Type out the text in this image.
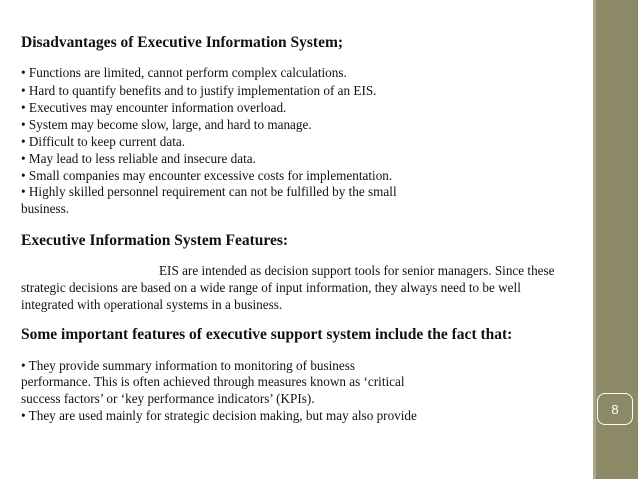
Disadvantages of Executive Information System;
• Functions are limited, cannot perform complex calculations.
• Hard to quantify benefits and to justify implementation of an EIS.
• Executives may encounter information overload.
• System may become slow, large, and hard to manage.
• Difficult to keep current data.
• May lead to less reliable and insecure data.
• Small companies may encounter excessive costs for implementation.
• Highly skilled personnel requirement can not be fulfilled by the small
business.
Executive Information System Features:
EIS are intended as decision support tools for senior managers. Since these
strategic decisions are based on a wide range of input information, they always need to be well
integrated with operational systems in a business.
Some important features of executive support system include the fact that:
• They provide summary information to monitoring of business
performance. This is often achieved through measures known as ‘critical
success factors’ or ‘key performance indicators’ (KPIs).
• They are used mainly for strategic decision making, but may also provide	8
